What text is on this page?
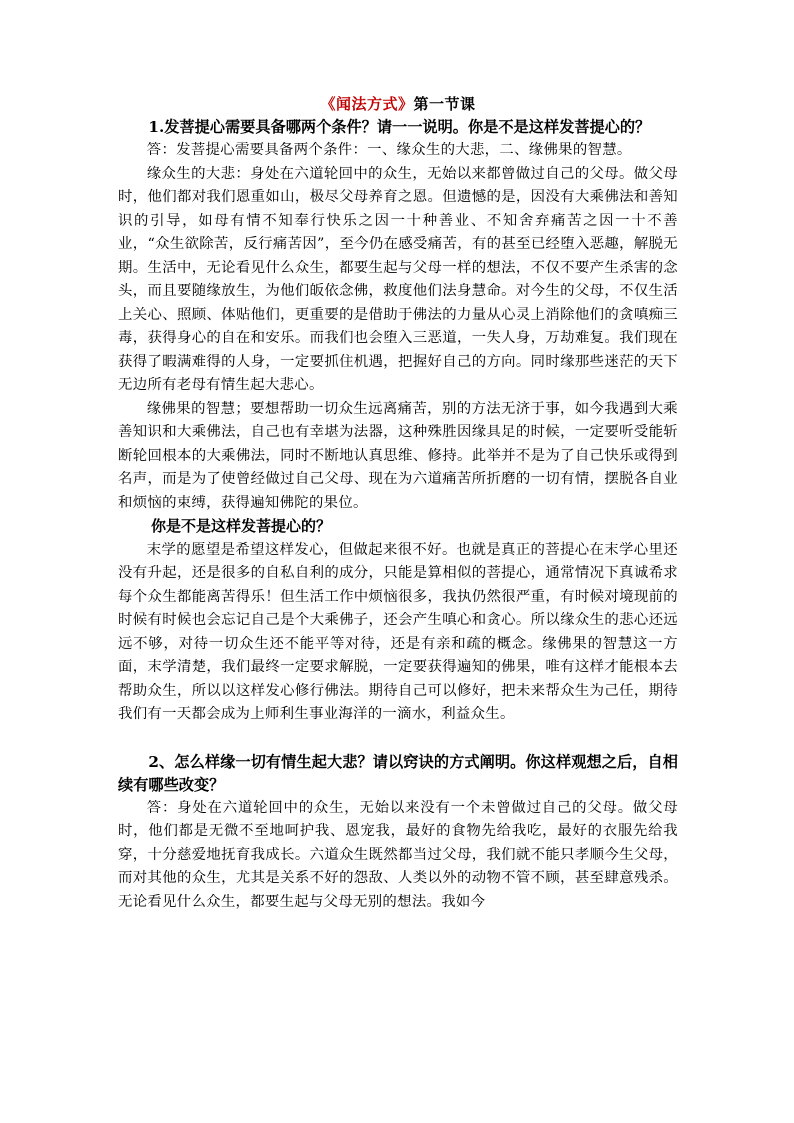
《闻法方式》第一节课

1.发菩提心需要具备哪两个条件？请一一说明。你是不是这样发菩提心的？

答：发菩提心需要具备两个条件：一、缘众生的大悲，二、缘佛果的智慧。

缘众生的大悲：身处在六道轮回中的众生，无始以来都曾做过自己的父母。做父母时，他们都对我们恩重如山，极尽父母养育之恩。但遗憾的是，因没有大乘佛法和善知识的引导，如母有情不知奉行快乐之因一十种善业、不知舍弃痛苦之因一十不善业，“众生欲除苦，反行痛苦因”，至今仍在感受痛苦，有的甚至已经堕入恶趣，解脱无期。生活中，无论看见什么众生，都要生起与父母一样的想法，不仅不要产生杀害的念头，而且要随缘放生，为他们皈依念佛，救度他们法身慧命。对今生的父母，不仅生活上关心、照顾、体贴他们，更重要的是借助于佛法的力量从心灵上消除他们的贪嗔痴三毒，获得身心的自在和安乐。而我们也会堕入三恶道，一失人身，万劫难复。我们现在获得了暇满难得的人身，一定要抓住机遇，把握好自己的方向。同时缘那些迷茫的天下无边所有老母有情生起大悲心。

缘佛果的智慧；要想帮助一切众生远离痛苦，别的方法无济于事，如今我遇到大乘善知识和大乘佛法，自己也有幸堪为法器，这种殊胜因缘具足的时候，一定要听受能斩断轮回根本的大乘佛法，同时不断地认真思维、修持。此举并不是为了自己快乐或得到名声，而是为了使曾经做过自己父母、现在为六道痛苦所折磨的一切有情，摆脱各自业和烦恼的束缚，获得遍知佛陀的果位。

你是不是这样发菩提心的？

末学的愿望是希望这样发心，但做起来很不好。也就是真正的菩提心在末学心里还没有升起，还是很多的自私自利的成分，只能是算相似的菩提心，通常情况下真诚希求每个众生都能离苦得乐！但生活工作中烦恼很多，我执仍然很严重，有时候对境现前的时候有时候也会忘记自己是个大乘佛子，还会产生嗔心和贪心。所以缘众生的悲心还远远不够，对待一切众生还不能平等对待，还是有亲和疏的概念。缘佛果的智慧这一方面，末学清楚，我们最终一定要求解脱，一定要获得遍知的佛果，唯有这样才能根本去帮助众生，所以以这样发心修行佛法。期待自己可以修好，把未来帮众生为己任，期待我们有一天都会成为上师利生事业海洋的一滴水，利益众生。

2、怎么样缘一切有情生起大悲？请以窍诀的方式阐明。你这样观想之后，自相续有哪些改变？

答：身处在六道轮回中的众生，无始以来没有一个未曾做过自己的父母。做父母时，他们都是无微不至地呵护我、恩宠我，最好的食物先给我吃，最好的衣服先给我穿，十分慈爱地抚育我成长。六道众生既然都当过父母，我们就不能只孝顺今生父母，而对其他的众生，尤其是关系不好的怨敌、人类以外的动物不管不顾，甚至肆意残杀。无论看见什么众生，都要生起与父母无别的想法。我如今
